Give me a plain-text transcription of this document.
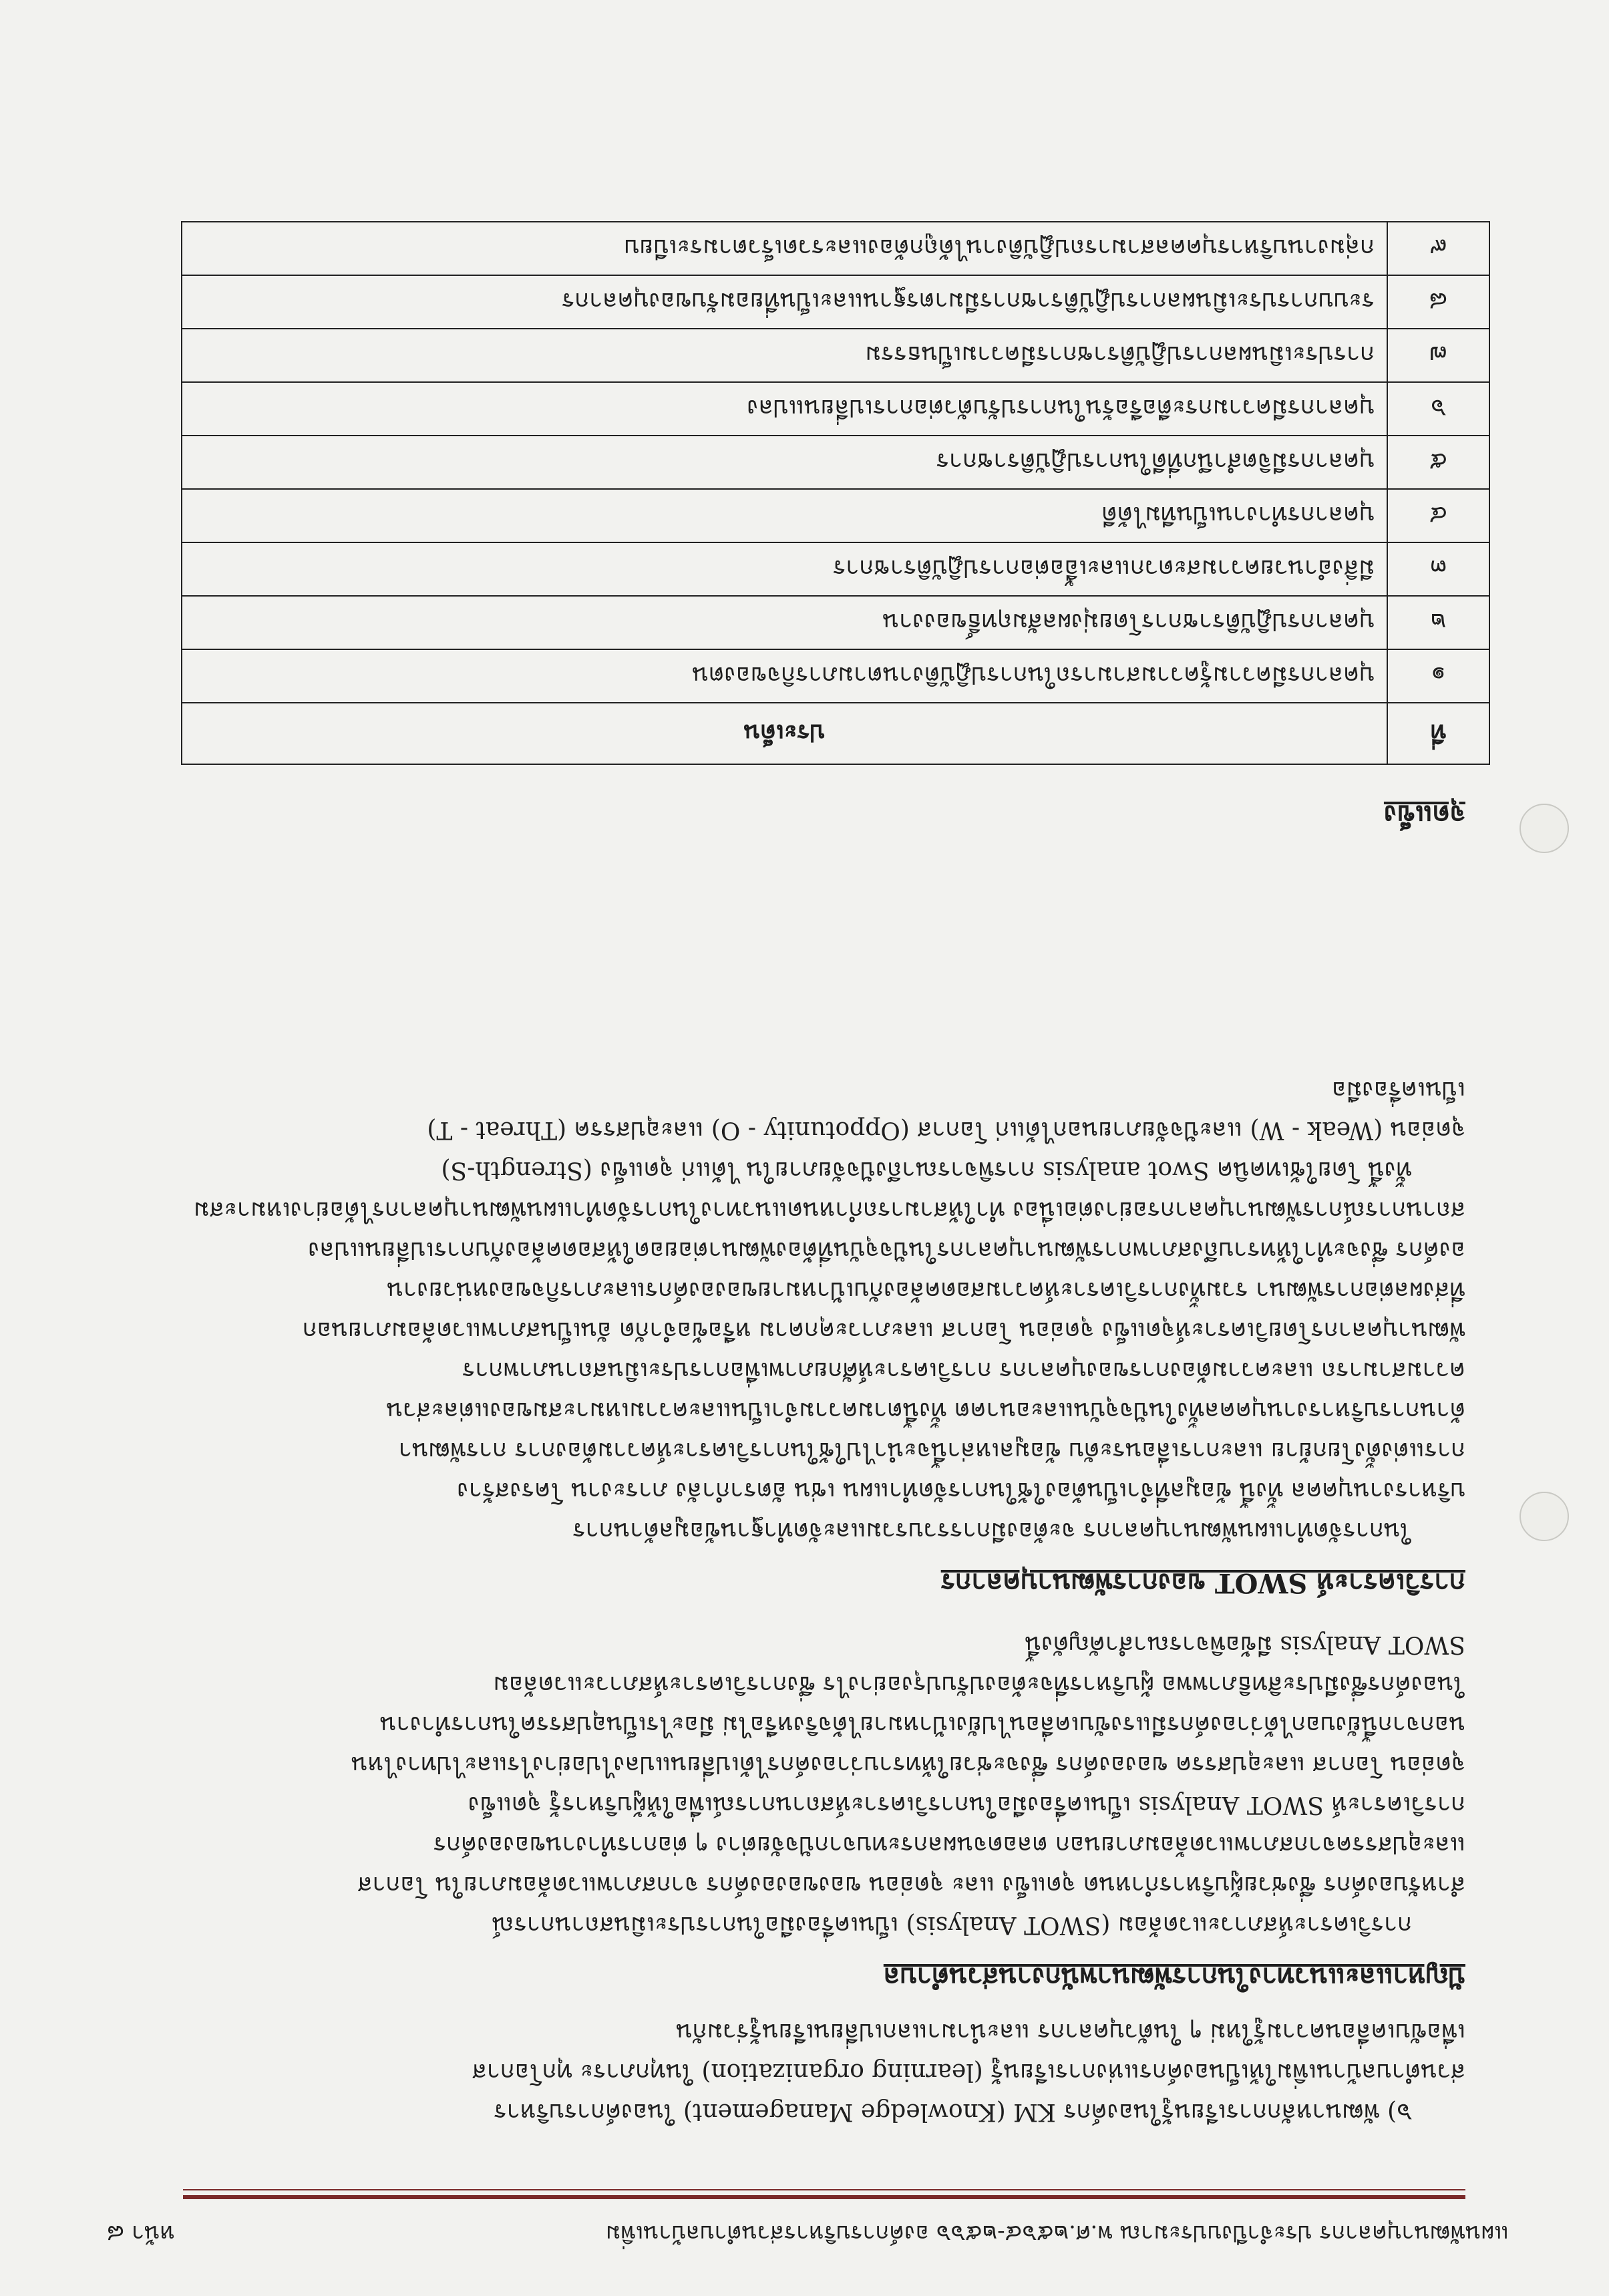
แผนพัฒนาบุคลากร ประจำปีงบประมาณ พ.ศ.๒๕๖๔-๒๕๖๖ องค์การบริหารส่วนตำบลบ้านเพิ่ม
หน้า ๘
๖) พัฒนาหลักการเรียนรู้ในองค์กร KM (Knowledge Management) ในองค์การบริหาร
ส่วนตำบลบ้านเพิ่มให้เป็นองค์กรแห่งการเรียนรู้ (learning organization) ในทุกภาระ ทุกโอกาส
เพื่อขับเคลื่อนความรู้ใหม่ ๆ ในตัวบุคลากร และนำมาแลกเปลี่ยนเรียนรู้ร่วมกัน
ปัญหาและแนวทางในการพัฒนาพนักงานส่วนตำบล
การวิเคราะห์สภาวะแวดล้อม (SWOT Analysis) เป็นเครื่องมือในการประเมินสถานการณ์
สำหรับองค์กร ซึ่งช่วยผู้บริหารกำหนด จุดแข็ง และ จุดอ่อน ของขององค์กร จากสภาพแวดล้อมภายใน โอกาส
และอุปสรรคจากสภาพแวดล้อมภายนอก ตลอดจนผลกระทบจากปัจจัยต่าง ๆ ต่อการทำงานขององค์กร
การวิเคราะห์ SWOT Analysis เป็นเครื่องมือในการวิเคราะห์สถานการณ์เพื่อให้ผู้บริหารรู้ จุดแข็ง
จุดอ่อน โอกาส และอุปสรรค ขององค์กร ซึ่งจะช่วยให้ทราบว่าองค์กรได้เปลี่ยนแปลงไปอย่างไรและไปทางไหน
นอกจากนี้ยังบอกได้ว่าองค์กรมีแรงขับเคลื่อนไปยังเป้าหมายได้จริงหรือไม่ มีอะไรเป็นอุปสรรคในการทำงาน
ในองค์กรซึ่งมีประสิทธิภาพพอ ผู้บริหารที่จะต้องปรับปรุงอย่างไร ซึ่งการวิเคราะห์สภาวะแวดล้อม
SWOT Analysis มีข้อพิจารณาสำคัญดังนี้
การวิเคราะห์ SWOT ของการพัฒนาบุคลากร
ในการจัดทำแผนพัฒนาบุคลากร จะต้องมีการรวบรวมและจัดทำฐานข้อมูลด้านการ
บริหารงานบุคคล ทั้งนี้ ข้อมูลที่จำเป็นต้องใช้ในการจัดทำแผน เช่น อัตรากำลัง ภาระงาน โครงสร้าง
การแต่งตั้งโยกย้าย และการเลื่อนระดับ ข้อมูลเหล่านี้จะนำไปใช้ในการวิเคราะห์ความต้องการ การพัฒนา
ด้านการบริหารงานบุคคลทั้งในปัจจุบันและอนาคต ทั้งนี้ตามความจำเป็นและความเหมาะสมของแต่ละส่วน
ความสามารถ และความต้องการของบุคลากร การวิเคราะห์ศักยภาพเพื่อการประเมินสถานภาพการ
พัฒนาบุคลากรโดยวิเคราะห์จุดแข็ง จุดอ่อน โอกาส และภาวะคุกคาม หรือข้อจำกัด อันเป็นสภาพแวดล้อมภายนอก
ที่ส่งผลต่อการพัฒนา รวมทั้งการวิเคราะห์ความสอดคล้องกับเป้าหมายขององค์กรและภารกิจของหน่วยงาน
องค์กร ซึ่งจะทำให้ทราบถึงสภาพการพัฒนาบุคลากรในปัจจุบันที่ต้องพัฒนาต่อยอดให้สอดคล้องกับการเปลี่ยนแปลง
สถานการณ์การพัฒนาบุคลากรอย่างต่อเนื่อง ทำให้สามารถกำหนดแนวทางในการจัดทำแผนพัฒนาบุคลากรได้อย่างเหมาะสม
ทั้งนี้ โดยใช้เทคนิค Swot analysis การพิจารณาถึงปัจจัยภายใน ได้แก่ จุดแข็ง (Strength-S)
จุดอ่อน (Weak - W) และปัจจัยภายนอกได้แก่ โอกาส (Oppotunity - O) และอุปสรรค (Threat - T)
เป็นเครื่องมือ
จุดแข็ง
ที่	ประเด็น
๑	บุคลากรมีความรู้ความสามารถในการปฏิบัติงานตามภารกิจของตน
๒	บุคลากรปฏิบัติราชการโดยมุ่งผลสัมฤทธิ์ของงาน
๓	มีสิ่งอำนวยความสะดวกและเอื้อต่อการปฏิบัติราชการ
๔	บุคลากรทำงานเป็นทีมได้ดี
๕	บุคลากรมีจิตสำนึกที่ดีในการปฏิบัติราชการ
๖	บุคลากรมีความกระตือรือร้นในการปรับตัวต่อการเปลี่ยนแปลง
๗	การประเมินผลการปฏิบัติราชการมีความเป็นธรรม
๘	ระบบการประเมินผลการปฏิบัติราชการมีมาตรฐานและเป็นที่ยอมรับของบุคลากร
๙	กลุ่มงานบริหารบุคคลสามารถปฏิบัติงานได้ถูกต้องและรวดเร็วตามระเบียบ
